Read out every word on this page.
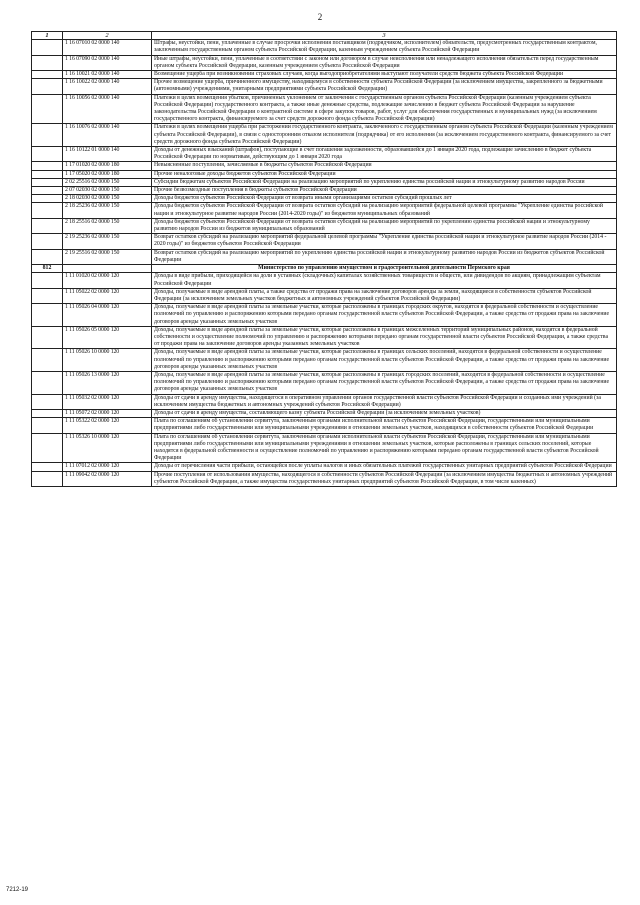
2
1	2	3
	1 16 07010 02 0000 140	Штрафы, неустойки, пени, уплаченные в случае просрочки исполнения поставщиком (подрядчиком, исполнителем) обязательств, предусмотренных государственным контрактом, заключенным государственным органом субъекта Российской Федерации, казенным учреждением субъекта Российской Федерации
	1 16 07090 02 0000 140	Иные штрафы, неустойки, пени, уплаченные в соответствии с законом или договором в случае неисполнения или ненадлежащего исполнения обязательств перед государственным органом субъекта Российской Федерации, казенным учреждением субъекта Российской Федерации
	1 16 10021 02 0000 140	Возмещение ущерба при возникновении страховых случаев, когда выгодоприобретателями выступают получатели средств бюджета субъекта Российской Федерации
	1 16 10022 02 0000 140	Прочее возмещение ущерба, причиненного имуществу, находящемуся в собственности субъекта Российской Федерации (за исключением имущества, закрепленного за бюджетными (автономными) учреждениями, унитарными предприятиями субъекта Российской Федерации)
	1 16 10056 02 0000 140	Платежи в целях возмещения убытков, причиненных уклонением от заключения с государственным органом субъекта Российской Федерации (казенным учреждением субъекта Российской Федерации) государственного контракта, а также иные денежные средства, подлежащие зачислению в бюджет субъекта Российской Федерации за нарушение законодательства Российской Федерации о контрактной системе в сфере закупок товаров, работ, услуг для обеспечения государственных и муниципальных нужд (за исключением государственного контракта, финансируемого за счет средств дорожного фонда субъекта Российской Федерации)
	1 16 10076 02 0000 140	Платежи в целях возмещения ущерба при расторжении государственного контракта, заключенного с государственным органом субъекта Российской Федерации (казенным учреждением субъекта Российской Федерации), в связи с односторонним отказом исполнителя (подрядчика) от его исполнения (за исключением государственного контракта, финансируемого за счет средств дорожного фонда субъекта Российской Федерации)
	1 16 10122 01 0000 140	Доходы от денежных взысканий (штрафов), поступающие в счет погашения задолженности, образовавшейся до 1 января 2020 года, подлежащие зачислению в бюджет субъекта Российской Федерации по нормативам, действующим до 1 января 2020 года
	1 17 01020 02 0000 180	Невыясненные поступления, зачисляемые в бюджеты субъектов Российской Федерации
	1 17 05020 02 0000 180	Прочие неналоговые доходы бюджетов субъектов Российской Федерации
	2 02 25516 02 0000 150	Субсидии бюджетам субъектов Российской Федерации на реализацию мероприятий по укреплению единства российской нации и этнокультурному развитию народов России
	2 07 02030 02 0000 150	Прочие безвозмездные поступления в бюджеты субъектов Российской Федерации
	2 18 02030 02 0000 150	Доходы бюджетов субъектов Российской Федерации от возврата иными организациями остатков субсидий прошлых лет
	2 18 25236 02 0000 150	Доходы бюджетов субъектов Российской Федерации от возврата остатков субсидий на реализацию мероприятий федеральной целевой программы "Укрепление единства российской нации и этнокультурное развитие народов России (2014-2020 годы)" из бюджетов муниципальных образований
	2 18 25516 02 0000 150	Доходы бюджетов субъектов Российской Федерации от возврата остатков субсидий на реализацию мероприятий по укреплению единства российской нации и этнокультурному развитию народов России из бюджетов муниципальных образований
	2 19 25236 02 0000 150	Возврат остатков субсидий на реализацию мероприятий федеральной целевой программы "Укрепление единства российской нации и этнокультурное развитие народов России (2014 - 2020 годы)" из бюджетов субъектов Российской Федерации
	2 19 25516 02 0000 150	Возврат остатков субсидий на реализацию мероприятий по укреплению единства российской нации и этнокультурному развитию народов России из бюджетов субъектов Российской Федерации
812		Министерство по управлению имуществом и градостроительной деятельности Пермского края
	1 11 01020 02 0000 120	Доходы в виде прибыли, приходящейся на доли в уставных (складочных) капиталах хозяйственных товариществ и обществ, или дивидендов по акциям, принадлежащим субъектам Российской Федерации
	1 11 05022 02 0000 120	Доходы, получаемые в виде арендной платы, а также средства от продажи права на заключение договоров аренды за земли, находящиеся в собственности субъектов Российской Федерации (за исключением земельных участков бюджетных и автономных учреждений субъектов Российской Федерации)
	1 11 05026 04 0000 120	Доходы, получаемые в виде арендной платы за земельные участки, которые расположены в границах городских округов, находятся в федеральной собственности и осуществление полномочий по управлению и распоряжению которыми передано органам государственной власти субъектов Российской Федерации, а также средства от продажи права на заключение договоров аренды указанных земельных участков
	1 11 05026 05 0000 120	Доходы, получаемые в виде арендной платы за земельные участки, которые расположены в границах межселенных территорий муниципальных районов, находятся в федеральной собственности и осуществление полномочий по управлению и распоряжению которыми передано органам государственной власти субъектов Российской Федерации, а также средства от продажи права на заключение договоров аренды указанных земельных участков
	1 11 05026 10 0000 120	Доходы, получаемые в виде арендной платы за земельные участки, которые расположены в границах сельских поселений, находятся в федеральной собственности и осуществление полномочий по управлению и распоряжению которыми передано органам государственной власти субъектов Российской Федерации, а также средства от продажи права на заключение договоров аренды указанных земельных участков
	1 11 05026 13 0000 120	Доходы, получаемые в виде арендной платы за земельные участки, которые расположены в границах городских поселений, находятся в федеральной собственности и осуществление полномочий по управлению и распоряжению которыми передано органам государственной власти субъектов Российской Федерации, а также средства от продажи права на заключение договоров аренды указанных земельных участков
	1 11 05032 02 0000 120	Доходы от сдачи в аренду имущества, находящегося в оперативном управлении органов государственной власти субъектов Российской Федерации и созданных ими учреждений (за исключением имущества бюджетных и автономных учреждений субъектов Российской Федерации)
	1 11 05072 02 0000 120	Доходы от сдачи в аренду имущества, составляющего казну субъекта Российской Федерации (за исключением земельных участков)
	1 11 05322 02 0000 120	Плата по соглашениям об установлении сервитута, заключенным органами исполнительной власти субъектов Российской Федерации, государственными или муниципальными предприятиями либо государственными или муниципальными учреждениями в отношении земельных участков, находящихся в собственности субъектов Российской Федерации
	1 11 05326 10 0000 120	Плата по соглашениям об установлении сервитута, заключенным органами исполнительной власти субъектов Российской Федерации, государственными или муниципальными предприятиями либо государственными или муниципальными учреждениями в отношении земельных участков, которые расположены в границах сельских поселений, которые находятся в федеральной собственности и осуществление полномочий по управлению и распоряжению которыми передано органам государственной власти субъектов Российской Федерации
	1 11 07012 02 0000 120	Доходы от перечисления части прибыли, остающейся после уплаты налогов и иных обязательных платежей государственных унитарных предприятий субъектов Российской Федерации
	1 11 09042 02 0000 120	Прочие поступления от использования имущества, находящегося в собственности субъектов Российской Федерации (за исключением имущества бюджетных и автономных учреждений субъектов Российской Федерации, а также имущества государственных унитарных предприятий субъектов Российской Федерации, в том числе казенных)
7212-19
